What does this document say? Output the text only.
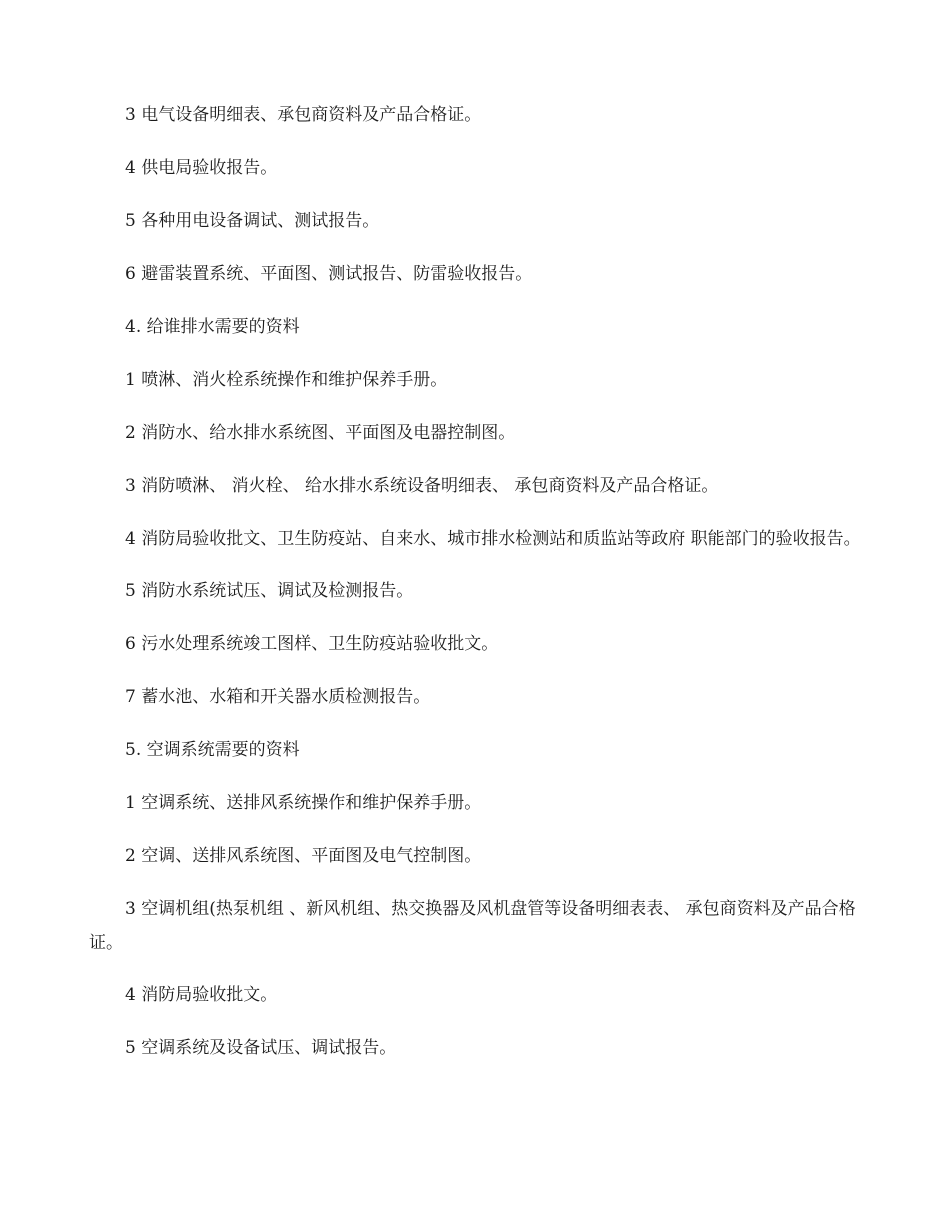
3 电气设备明细表、承包商资料及产品合格证。

4 供电局验收报告。

5 各种用电设备调试、测试报告。

6 避雷装置系统、平面图、测试报告、防雷验收报告。

4. 给谁排水需要的资料

1 喷淋、消火栓系统操作和维护保养手册。

2 消防水、给水排水系统图、平面图及电器控制图。

3 消防喷淋、 消火栓、 给水排水系统设备明细表、 承包商资料及产品合格证。

4 消防局验收批文、卫生防疫站、自来水、城市排水检测站和质监站等政府 职能部门的验收报告。

5 消防水系统试压、调试及检测报告。

6 污水处理系统竣工图样、卫生防疫站验收批文。

7 蓄水池、水箱和开关器水质检测报告。

5. 空调系统需要的资料

1 空调系统、送排风系统操作和维护保养手册。

2 空调、送排风系统图、平面图及电气控制图。

3 空调机组(热泵机组 、新风机组、热交换器及风机盘管等设备明细表表、 承包商资料及产品合格证。

4 消防局验收批文。

5 空调系统及设备试压、调试报告。
